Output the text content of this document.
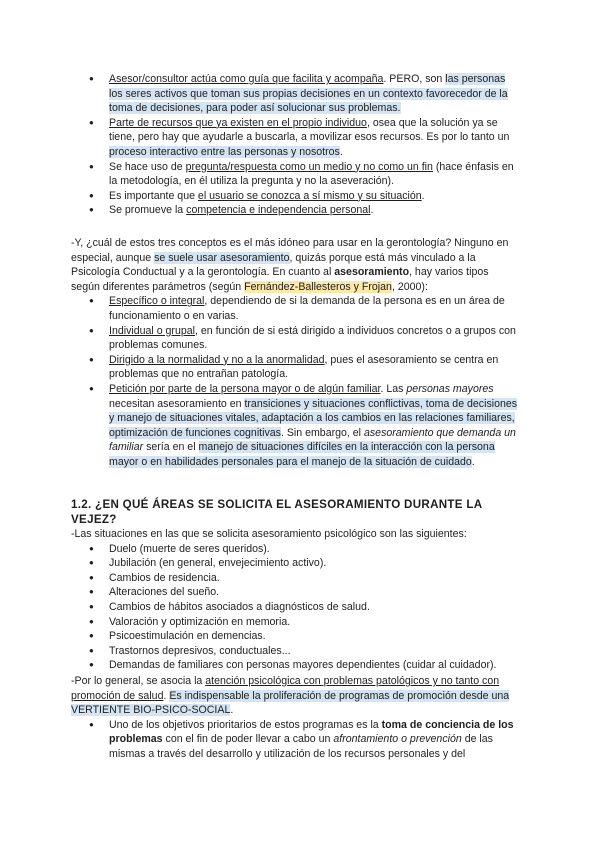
● Asesor/consultor actúa como guía que facilita y acompaña. PERO, son las personas los seres activos que toman sus propias decisiones en un contexto favorecedor de la toma de decisiones, para poder así solucionar sus problemas.
● Parte de recursos que ya existen en el propio individuo, osea que la solución ya se tiene, pero hay que ayudarle a buscarla, a movilizar esos recursos. Es por lo tanto un proceso interactivo entre las personas y nosotros.
● Se hace uso de pregunta/respuesta como un medio y no como un fin (hace énfasis en la metodología, en él utiliza la pregunta y no la aseveración).
● Es importante que el usuario se conozca a sí mismo y su situación.
● Se promueve la competencia e independencia personal.

-Y, ¿cuál de estos tres conceptos es el más idóneo para usar en la gerontología? Ninguno en especial, aunque se suele usar asesoramiento, quizás porque está más vinculado a la Psicología Conductual y a la gerontología. En cuanto al asesoramiento, hay varios tipos según diferentes parámetros (según Fernández-Ballesteros y Frojan, 2000):

● Específico o integral, dependiendo de si la demanda de la persona es en un área de funcionamiento o en varias.
● Individual o grupal, en función de si está dirigido a individuos concretos o a grupos con problemas comunes.
● Dirigido a la normalidad y no a la anormalidad, pues el asesoramiento se centra en problemas que no entrañan patología.
● Petición por parte de la persona mayor o de algún familiar. Las personas mayores necesitan asesoramiento en transiciones y situaciones conflictivas, toma de decisiones y manejo de situaciones vitales, adaptación a los cambios en las relaciones familiares, optimización de funciones cognitivas. Sin embargo, el asesoramiento que demanda un familiar sería en el manejo de situaciones difíciles en la interacción con la persona mayor o en habilidades personales para el manejo de la situación de cuidado.
1.2. ¿EN QUÉ ÁREAS SE SOLICITA EL ASESORAMIENTO DURANTE LA VEJEZ?

-Las situaciones en las que se solicita asesoramiento psicológico son las siguientes:

● Duelo (muerte de seres queridos).
● Jubilación (en general, envejecimiento activo).
● Cambios de residencia.
● Alteraciones del sueño.
● Cambios de hábitos asociados a diagnósticos de salud.
● Valoración y optimización en memoria.
● Psicoestimulación en demencias.
● Trastornos depresivos, conductuales...
● Demandas de familiares con personas mayores dependientes (cuidar al cuidador).

-Por lo general, se asocia la atención psicológica con problemas patológicos y no tanto con promoción de salud. Es indispensable la proliferación de programas de promoción desde una VERTIENTE BIO-PSICO-SOCIAL.

● Uno de los objetivos prioritarios de estos programas es la toma de conciencia de los problemas con el fin de poder llevar a cabo un afrontamiento o prevención de las mismas a través del desarrollo y utilización de los recursos personales y del
